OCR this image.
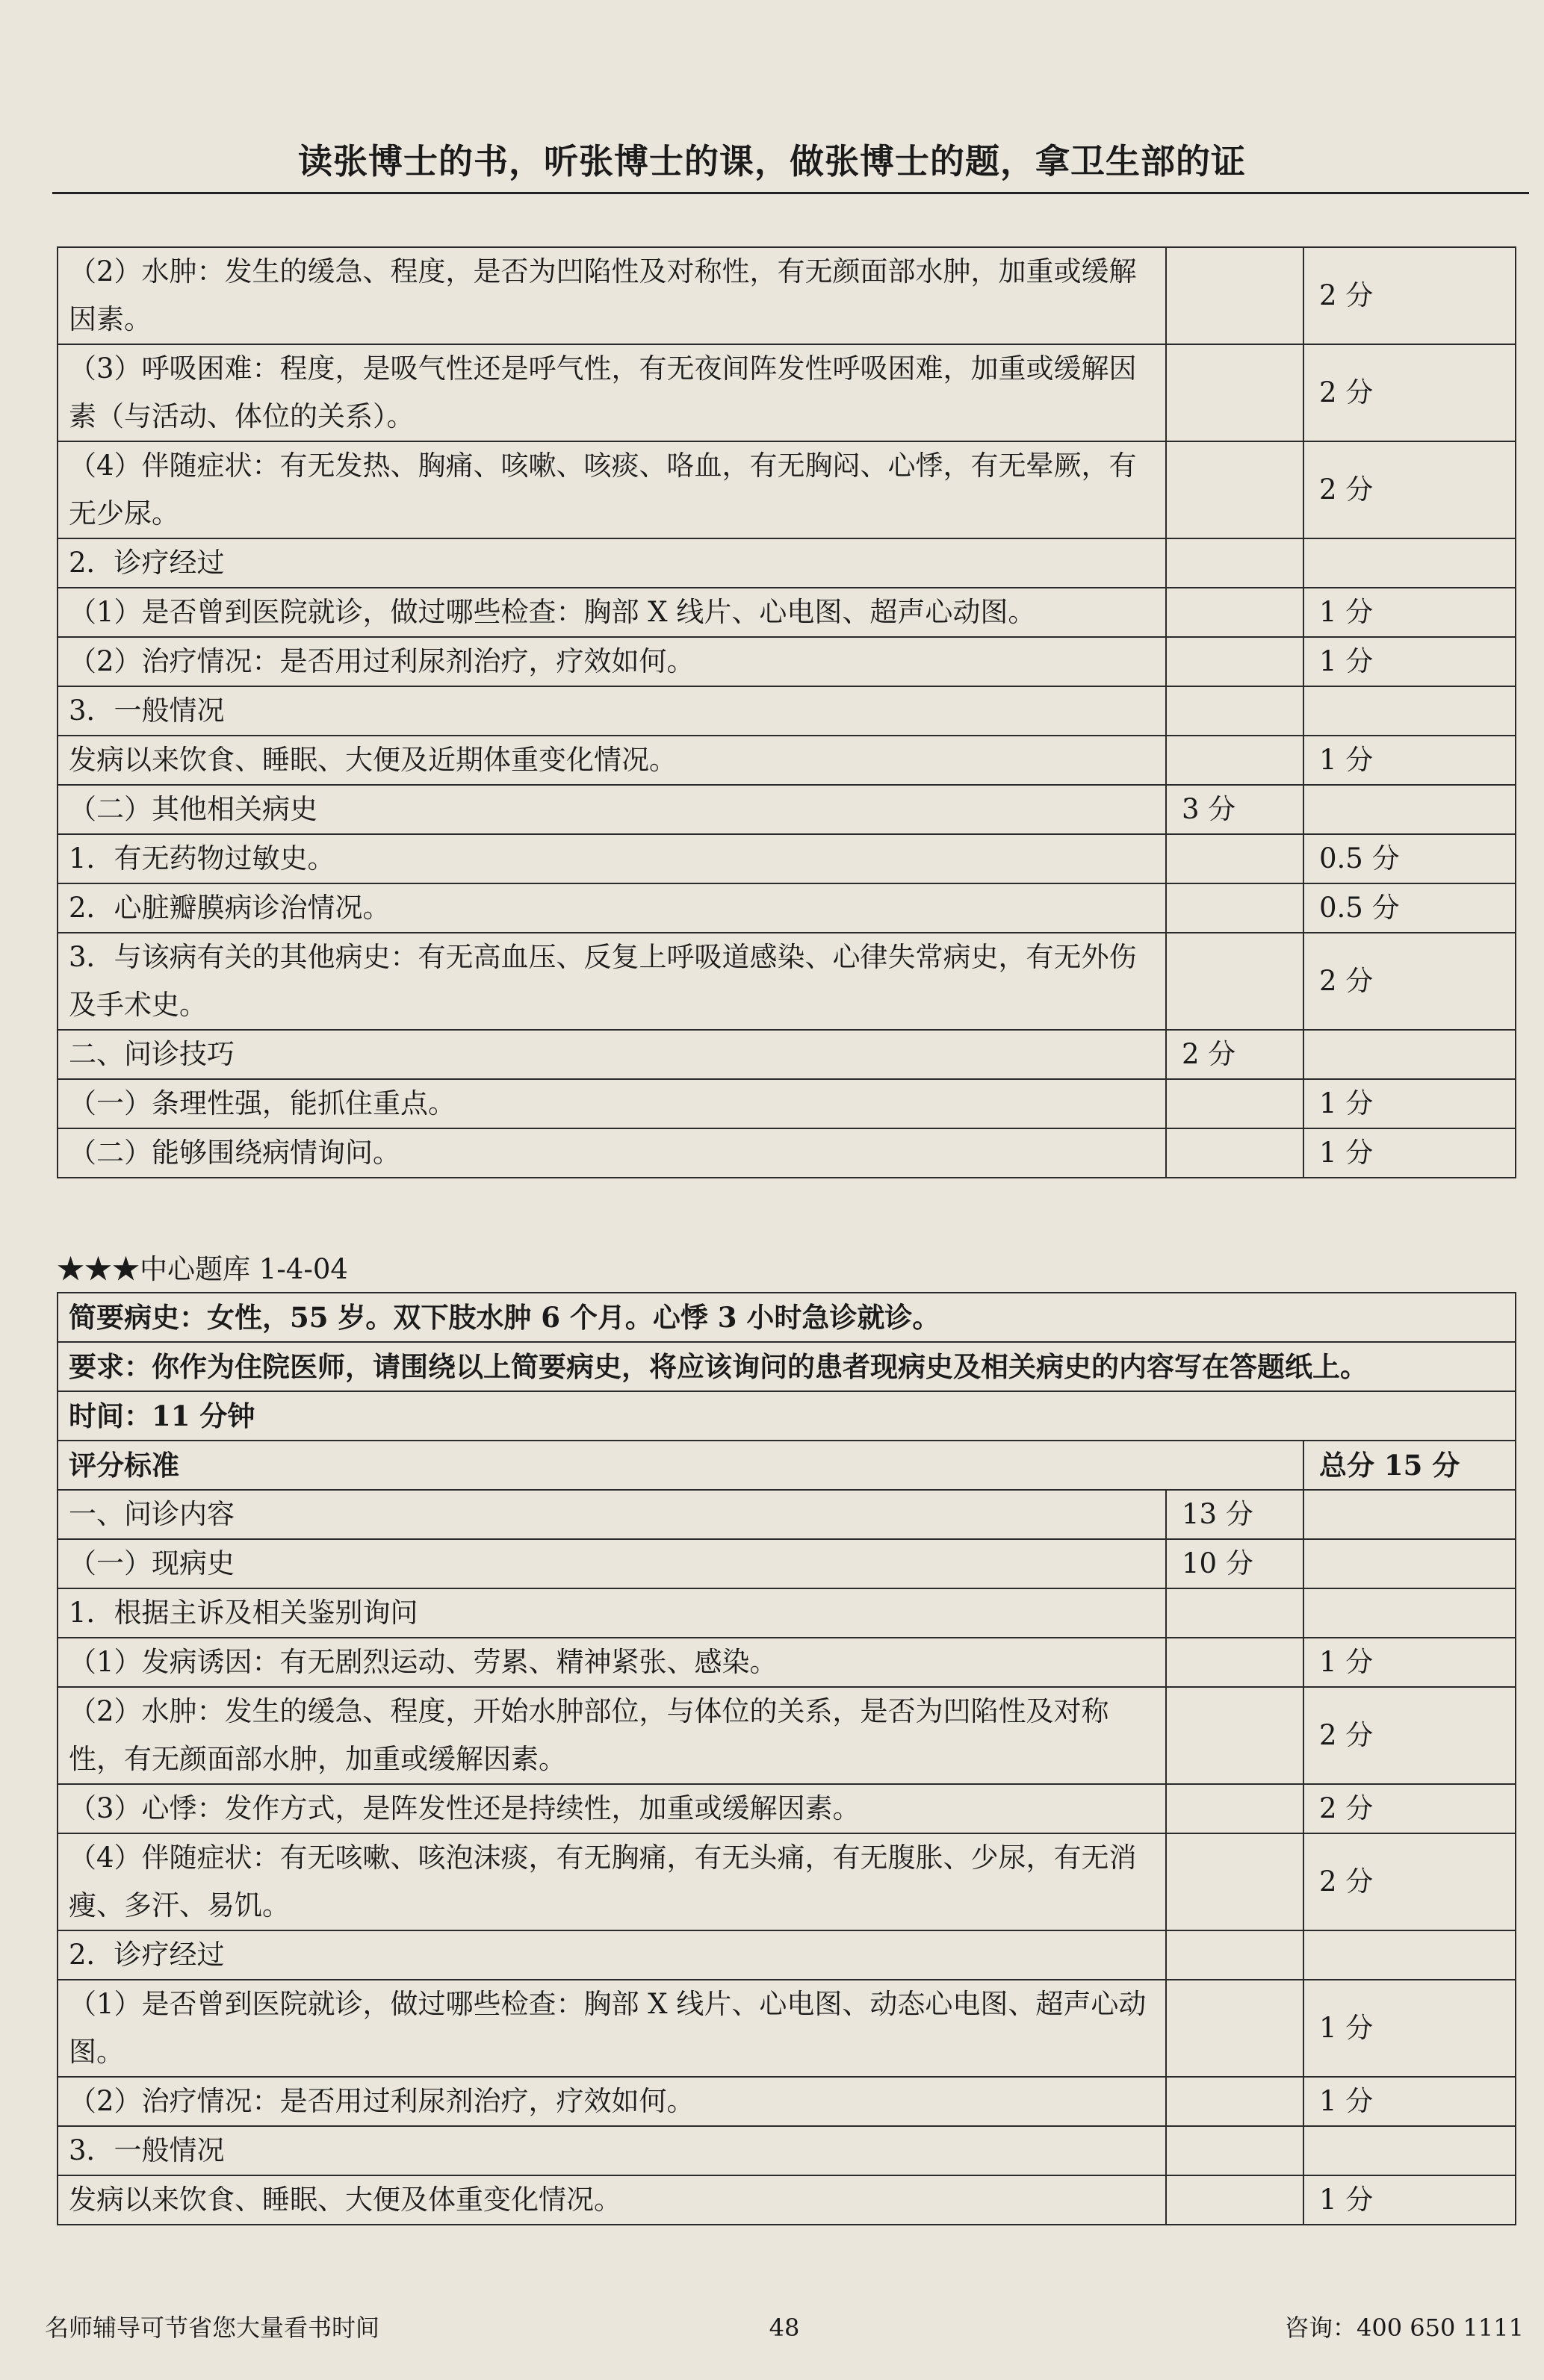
读张博士的书，听张博士的课，做张博士的题，拿卫生部的证
（2）水肿：发生的缓急、程度，是否为凹陷性及对称性，有无颜面部水肿，加重或缓解因素。		2 分
（3）呼吸困难：程度，是吸气性还是呼气性，有无夜间阵发性呼吸困难，加重或缓解因素（与活动、体位的关系）。		2 分
（4）伴随症状：有无发热、胸痛、咳嗽、咳痰、咯血，有无胸闷、心悸，有无晕厥，有无少尿。		2 分
2．诊疗经过		
（1）是否曾到医院就诊，做过哪些检查：胸部 X 线片、心电图、超声心动图。		1 分
（2）治疗情况：是否用过利尿剂治疗，疗效如何。		1 分
3．一般情况		
发病以来饮食、睡眠、大便及近期体重变化情况。		1 分
（二）其他相关病史	3 分	
1．有无药物过敏史。		0.5 分
2．心脏瓣膜病诊治情况。		0.5 分
3．与该病有关的其他病史：有无高血压、反复上呼吸道感染、心律失常病史，有无外伤及手术史。		2 分
二、问诊技巧	2 分	
（一）条理性强，能抓住重点。		1 分
（二）能够围绕病情询问。		1 分
★★★中心题库 1-4-04
简要病史：女性，55 岁。双下肢水肿 6 个月。心悸 3 小时急诊就诊。		
要求：你作为住院医师，请围绕以上简要病史，将应该询问的患者现病史及相关病史的内容写在答题纸上。		
时间：11 分钟		
评分标准		总分 15 分
一、问诊内容	13 分	
（一）现病史	10 分	
1．根据主诉及相关鉴别询问		
（1）发病诱因：有无剧烈运动、劳累、精神紧张、感染。		1 分
（2）水肿：发生的缓急、程度，开始水肿部位，与体位的关系，是否为凹陷性及对称性，有无颜面部水肿，加重或缓解因素。		2 分
（3）心悸：发作方式，是阵发性还是持续性，加重或缓解因素。		2 分
（4）伴随症状：有无咳嗽、咳泡沫痰，有无胸痛，有无头痛，有无腹胀、少尿，有无消瘦、多汗、易饥。		2 分
2．诊疗经过		
（1）是否曾到医院就诊，做过哪些检查：胸部 X 线片、心电图、动态心电图、超声心动图。		1 分
（2）治疗情况：是否用过利尿剂治疗，疗效如何。		1 分
3．一般情况		
发病以来饮食、睡眠、大便及体重变化情况。		1 分
名师辅导可节省您大量看书时间	48	咨询：400 650 1111
